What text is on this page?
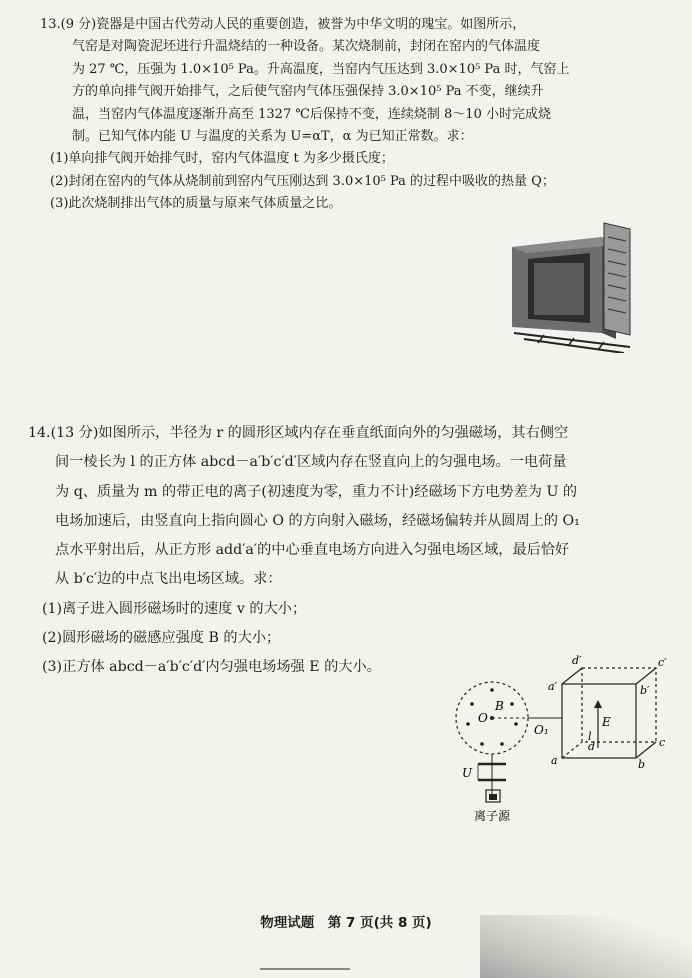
13.(9 分)瓷器是中国古代劳动人民的重要创造，被誉为中华文明的瑰宝。如图所示，
气窑是对陶瓷泥坯进行升温烧结的一种设备。某次烧制前，封闭在窑内的气体温度
为 27 ℃，压强为 1.0×10⁵ Pa。升高温度，当窑内气压达到 3.0×10⁵ Pa 时，气窑上
方的单向排气阀开始排气，之后使气窑内气体压强保持 3.0×10⁵ Pa 不变，继续升
温，当窑内气体温度逐渐升高至 1327 ℃后保持不变，连续烧制 8～10 小时完成烧
制。已知气体内能 U 与温度的关系为 U=αT，α 为已知正常数。求：
(1)单向排气阀开始排气时，窑内气体温度 t 为多少摄氏度；
(2)封闭在窑内的气体从烧制前到窑内气压刚达到 3.0×10⁵ Pa 的过程中吸收的热量 Q；
(3)此次烧制排出气体的质量与原来气体质量之比。
14.(13 分)如图所示，半径为 r 的圆形区域内存在垂直纸面向外的匀强磁场，其右侧空
间一棱长为 l 的正方体 abcd－a′b′c′d′区域内存在竖直向上的匀强电场。一电荷量
为 q、质量为 m 的带正电的离子(初速度为零，重力不计)经磁场下方电势差为 U 的
电场加速后，由竖直向上指向圆心 O 的方向射入磁场，经磁场偏转并从圆周上的 O₁
点水平射出后，从正方形 add′a′的中心垂直电场方向进入匀强电场区域，最后恰好
从 b′c′边的中点飞出电场区域。求：
(1)离子进入圆形磁场时的速度 v 的大小；
(2)圆形磁场的磁感应强度 B 的大小；
(3)正方体 abcd－a′b′c′d′内匀强电场场强 E 的大小。
O
B
O₁
U
离子源
E
l
a	b
c
d′
a′	b′
c′
d
物理试题　第 7 页(共 8 页)
